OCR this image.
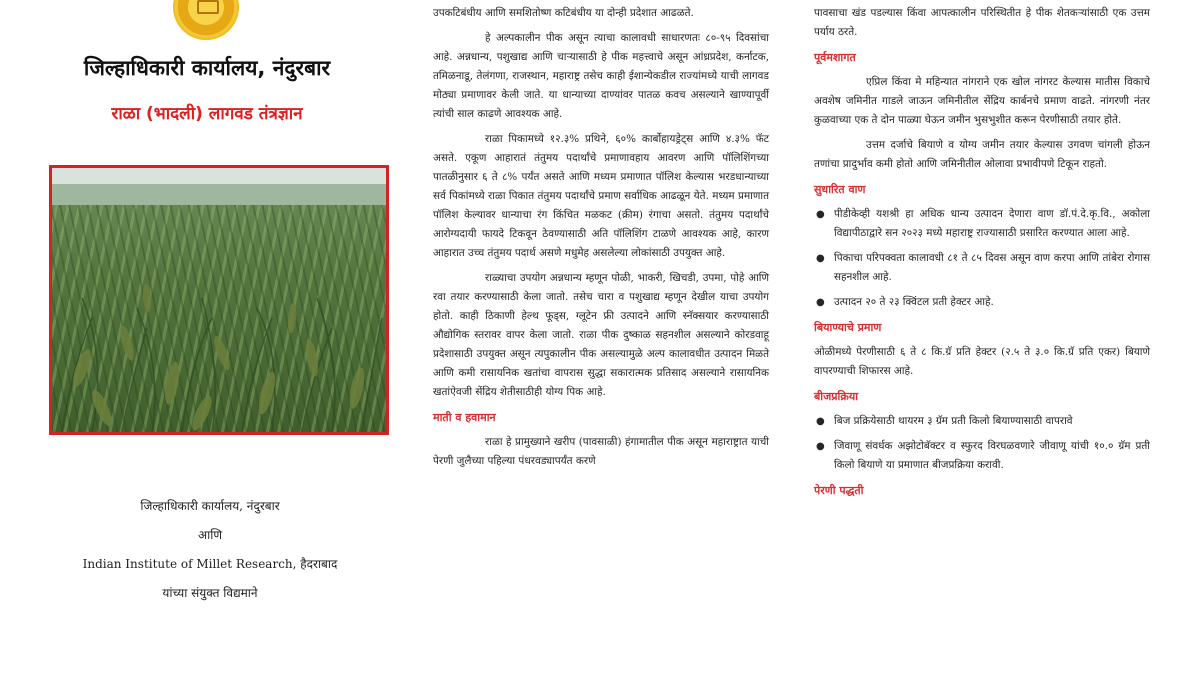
जिल्हाधिकारी कार्यालय, नंदुरबार
राळा (भादली) लागवड तंत्रज्ञान
जिल्हाधिकारी कार्यालय, नंदुरबार
आणि
Indian Institute of Millet Research, हैदराबाद
यांच्या संयुक्त विद्यमाने

उपकटिबंधीय आणि समशितोष्ण कटिबंधीय या दोन्ही प्रदेशात आढळते.

हे अल्पकालीन पीक असून त्याचा कालावधी साधारणतः ८०-९५ दिवसांचा आहे. अन्नधान्य, पशुखाद्य आणि चाऱ्यासाठी हे पीक महत्त्वाचे असून आंध्रप्रदेश, कर्नाटक, तमिळनाडू, तेलंगणा, राजस्थान, महाराष्ट्र तसेच काही ईशान्येकडील राज्यांमध्ये याची लागवड मोठ्या प्रमाणावर केली जाते. या धान्याच्या दाण्यांवर पातळ कवच असल्याने खाण्यापूर्वी त्यांची साल काढणे आवश्यक आहे.

राळा पिकामध्ये १२.३% प्रथिने, ६०% कार्बोहायड्रेट्स आणि ४.३% फॅट असते. एकूण आहारातं तंतुमय पदार्थांचे प्रमाणावहाय आवरण आणि पॉलिशिंगच्या पातळीनुसार ६ ते ८% पर्यंत असते आणि मध्यम प्रमाणात पॉलिश केल्यास भरडधान्याच्या सर्व पिकांमध्ये राळा पिकात तंतुमय पदार्थांचे प्रमाण सर्वाधिक आढळून येते. मध्यम प्रमाणात पॉलिश केल्यावर धान्याचा रंग किंचित मळकट (क्रीम) रंगाचा असतो. तंतुमय पदार्थांचे आरोग्यदायी फायदे टिकवून ठेवण्यासाठी अति पॉलिशिंग टाळणे आवश्यक आहे, कारण आहारात उच्च तंतुमय पदार्थ असणे मधुमेह असलेल्या लोकांसाठी उपयुक्त आहे.

राळ्याचा उपयोग अन्नधान्य म्हणून पोळी, भाकरी, खिचडी, उपमा, पोहे आणि रवा तयार करण्यासाठी केला जातो. तसेच चारा व पशुखाद्य म्हणून देखील याचा उपयोग होतो. काही ठिकाणी हेल्थ फूड्स, ग्लूटेन फ्री उत्पादने आणि स्नॅक्सयार करण्यासाठी औद्योगिक स्तरावर वापर केला जातो. राळा पीक दुष्काळ सहनशील असल्याने कोरडवाहू प्रदेशासाठी उपयुक्त असून त्यपुकालीन पीक असल्यामुळे अल्प कालावधीत उत्पादन मिळते आणि कमी रासायनिक खतांचा वापरास सुद्धा सकारात्मक प्रतिसाद असल्याने रासायनिक खतांऐवजी सेंद्रिय शेतीसाठीही योग्य पिक आहे.

माती व हवामान

राळा हे प्रामुख्याने खरीप (पावसाळी) हंगामातील पीक असून महाराष्ट्रात याची पेरणी जुलैच्या पहिल्या पंधरवड्यापर्यंत करणे

पावसाचा खंड पडल्यास किंवा आपत्कालीन परिस्थितीत हे पीक शेतकऱ्यांसाठी एक उत्तम पर्याय ठरते.

पूर्वमशागत

एप्रिल किंवा मे महिन्यात नांगराने एक खोल नांगरट केल्यास मातीस विकाचे अवशेष जमिनीत गाडले जाऊन जमिनीतील सेंद्रिय कार्बनचे प्रमाण वाढते. नांगरणी नंतर कुळवाच्या एक ते दोन पाळ्या घेऊन जमीन भुसभुशीत करून पेरणीसाठी तयार होते.

उत्तम दर्जाचे बियाणे व योग्य जमीन तयार केल्यास उगवण चांगली होऊन तणांचा प्रादुर्भाव कमी होतो आणि जमिनीतील ओलावा प्रभावीपणे टिकून राहतो.

सुधारित वाण
● पीडीकेव्ही यशश्री हा अधिक धान्य उत्पादन देणारा वाण डॉ.पं.दे.कृ.वि., अकोला विद्यापीठाद्वारे सन २०२३ मध्ये महाराष्ट्र राज्यासाठी प्रसारित करण्यात आला आहे.
● पिकाचा परिपक्वता कालावधी ८१ ते ८५ दिवस असून वाण करपा आणि तांबेरा रोगास सहनशील आहे.
● उत्पादन २० ते २३ क्विंटल प्रती हेक्टर आहे.
बियाण्याचे प्रमाण

ओळीमध्ये पेरणीसाठी ६ ते ८ कि.ग्रॅ प्रति हेक्टर (२.५ ते ३.० कि.ग्रॅ प्रति एकर) बियाणे वापरण्याची शिफारस आहे.

बीजप्रक्रिया
● बिज प्रक्रियेसाठी थायरम ३ ग्रॅम प्रती किलो बियाण्यासाठी वापरावे
● जिवाणू संवर्धक अझोटोबॅक्टर व स्फुरद विरघळवणारे जीवाणू यांची १०.० ग्रॅम प्रती किलो बियाणे या प्रमाणात बीजप्रक्रिया करावी.
पेरणी पद्धती
